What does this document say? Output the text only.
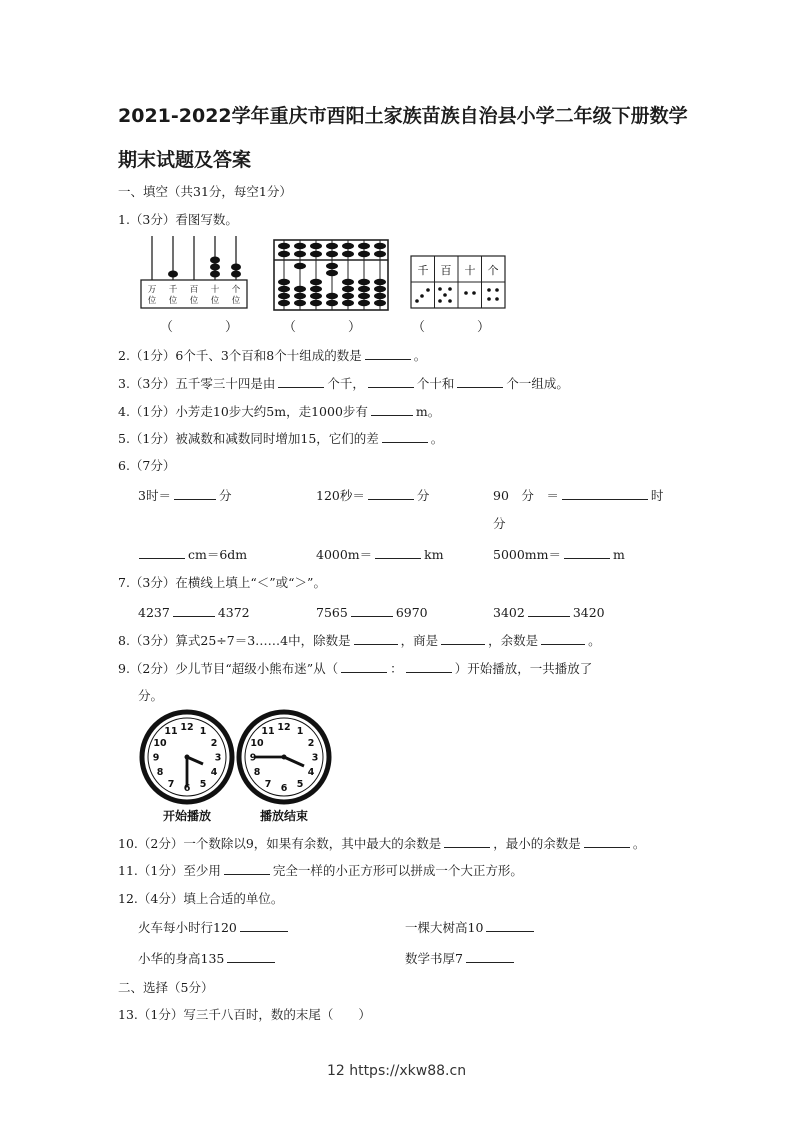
2021-2022学年重庆市酉阳土家族苗族自治县小学二年级下册数学期末试题及答案
一、填空（共31分，每空1分）
1.（3分）看图写数。
万
位
千
位
百
位
十
位
个
位
千 百 十 个
（　　　　）	（　　　　）	（　　　　）
2.（1分）6个千、3个百和8个十组成的数是	。
3.（3分）五千零三十四是由	个千，	个十和	个一组成。
4.（1分）小芳走10步大约5m，走1000步有	m。
5.（1分）被减数和减数同时增加15，它们的差	。
6.（7分）
3时＝	分	120秒＝	分	90　分　＝	时
分
cm＝6dm	4000m＝	km	5000mm＝	m
7.（3分）在横线上填上“＜”或“＞”。
4237	4372	7565	6970	3402	3420
8.（3分）算式25÷7＝3……4中，除数是	，商是	，余数是	。
9.（2分）少儿节目“超级小熊布迷”从（	：	）开始播放，一共播放了
分。
12 1
2
3
4
5
6
7
8
9
10
11	12 1
2
3
4
5
6
7
8
9
10
11
开始播放	播放结束
10.（2分）一个数除以9，如果有余数，其中最大的余数是	，最小的余数是	。
11.（1分）至少用	完全一样的小正方形可以拼成一个大正方形。
12.（4分）填上合适的单位。
火车每小时行120	一棵大树高10
小华的身高135	数学书厚7
二、选择（5分）
13.（1分）写三千八百时，数的末尾（　　）
12 https://xkw88.cn
